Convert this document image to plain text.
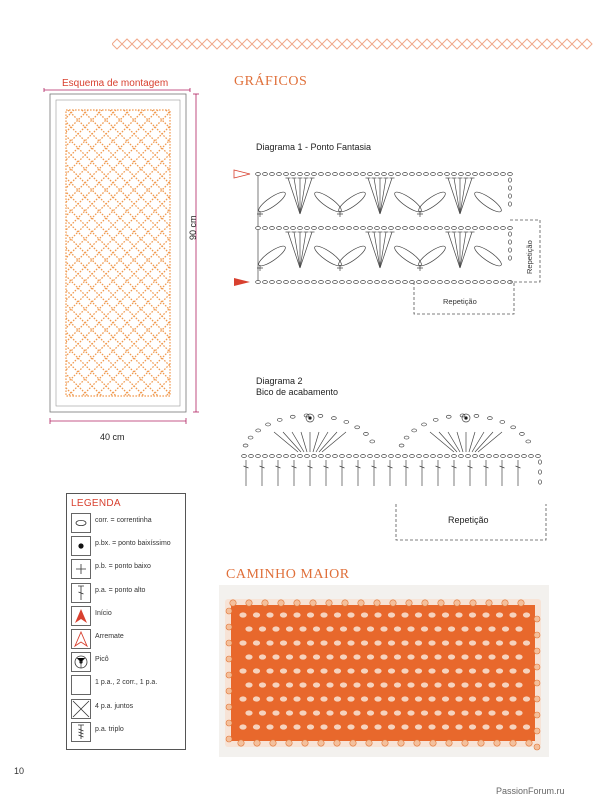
Esquema de montagem
90 cm
40 cm
GRÁFICOS
Diagrama 1 - Ponto Fantasia
Repetição
Repetição
Diagrama 2
Bico de acabamento
Repetição
LEGENDA
corr. = correntinha
p.bx. = ponto baixíssimo
p.b. = ponto baixo
p.a. = ponto alto
Início
Arremate
Picô
1 p.a., 2 corr., 1 p.a.
4 p.a. juntos
p.a. triplo
CAMINHO MAIOR
10
PassionForum.ru
